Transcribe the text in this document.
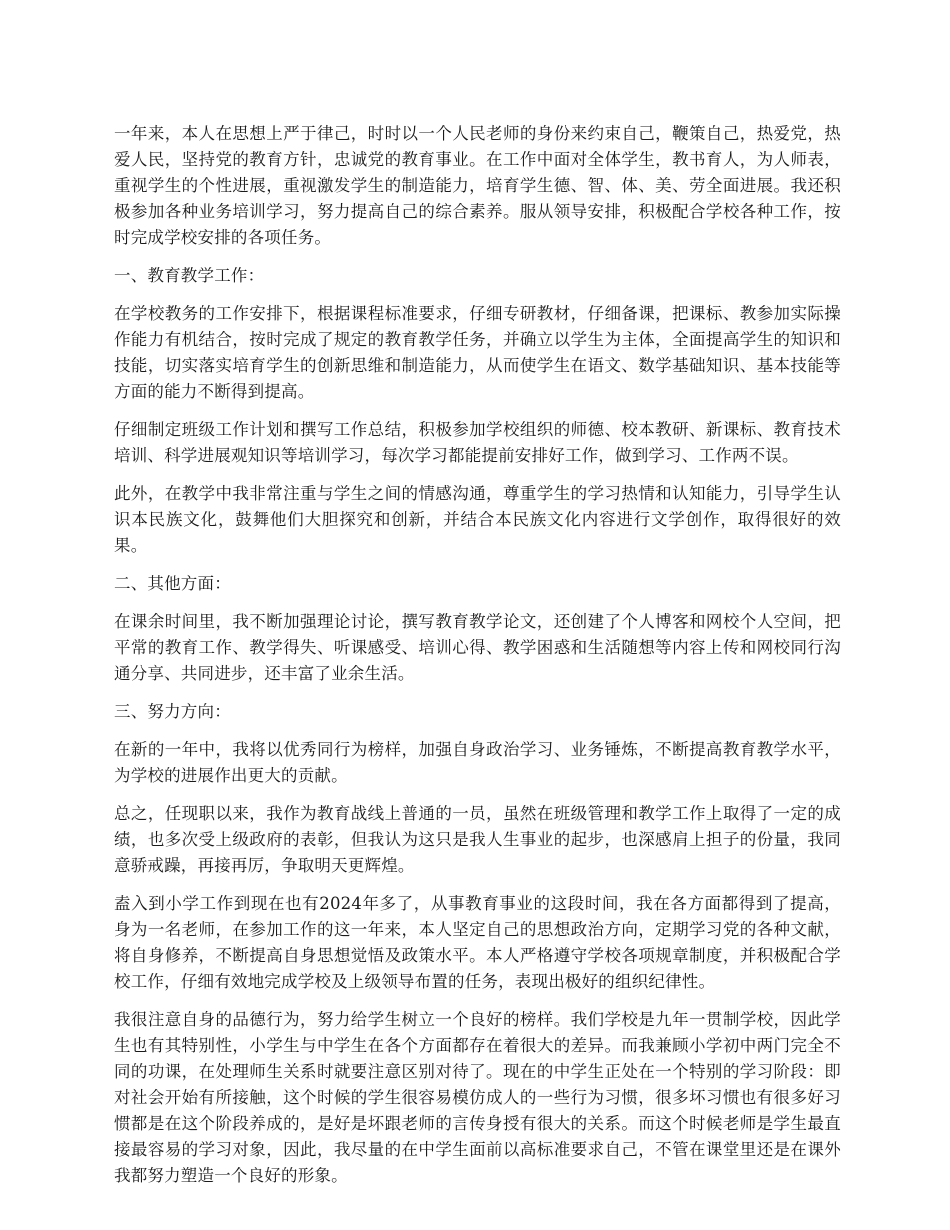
一年来，本人在思想上严于律己，时时以一个人民老师的身份来约束自己，鞭策自己，热爱党，热爱人民，坚持党的教育方针，忠诚党的教育事业。在工作中面对全体学生，教书育人，为人师表，重视学生的个性进展，重视激发学生的制造能力，培育学生德、智、体、美、劳全面进展。我还积极参加各种业务培训学习，努力提高自己的综合素养。服从领导安排，积极配合学校各种工作，按时完成学校安排的各项任务。

一、教育教学工作：

在学校教务的工作安排下，根据课程标准要求，仔细专研教材，仔细备课，把课标、教参加实际操作能力有机结合，按时完成了规定的教育教学任务，并确立以学生为主体，全面提高学生的知识和技能，切实落实培育学生的创新思维和制造能力，从而使学生在语文、数学基础知识、基本技能等方面的能力不断得到提高。

仔细制定班级工作计划和撰写工作总结，积极参加学校组织的师德、校本教研、新课标、教育技术培训、科学进展观知识等培训学习，每次学习都能提前安排好工作，做到学习、工作两不误。

此外，在教学中我非常注重与学生之间的情感沟通，尊重学生的学习热情和认知能力，引导学生认识本民族文化，鼓舞他们大胆探究和创新，并结合本民族文化内容进行文学创作，取得很好的效果。

二、其他方面：

在课余时间里，我不断加强理论讨论，撰写教育教学论文，还创建了个人博客和网校个人空间，把平常的教育工作、教学得失、听课感受、培训心得、教学困惑和生活随想等内容上传和网校同行沟通分享、共同进步，还丰富了业余生活。

三、努力方向：

在新的一年中，我将以优秀同行为榜样，加强自身政治学习、业务锤炼，不断提高教育教学水平，为学校的进展作出更大的贡献。

总之，任现职以来，我作为教育战线上普通的一员，虽然在班级管理和教学工作上取得了一定的成绩，也多次受上级政府的表彰，但我认为这只是我人生事业的起步，也深感肩上担子的份量，我同意骄戒躁，再接再厉，争取明天更辉煌。

盍入到小学工作到现在也有2024年多了，从事教育事业的这段时间，我在各方面都得到了提高，身为一名老师，在参加工作的这一年来，本人坚定自己的思想政治方向，定期学习党的各种文献，将自身修养，不断提高自身思想觉悟及政策水平。本人严格遵守学校各项规章制度，并积极配合学校工作，仔细有效地完成学校及上级领导布置的任务，表现出极好的组织纪律性。

我很注意自身的品德行为，努力给学生树立一个良好的榜样。我们学校是九年一贯制学校，因此学生也有其特别性，小学生与中学生在各个方面都存在着很大的差异。而我兼顾小学初中两门完全不同的功课，在处理师生关系时就要注意区别对待了。现在的中学生正处在一个特别的学习阶段：即对社会开始有所接触，这个时候的学生很容易模仿成人的一些行为习惯，很多坏习惯也有很多好习惯都是在这个阶段养成的，是好是坏跟老师的言传身授有很大的关系。而这个时候老师是学生最直接最容易的学习对象，因此，我尽量的在中学生面前以高标准要求自己，不管在课堂里还是在课外我都努力塑造一个良好的形象。
